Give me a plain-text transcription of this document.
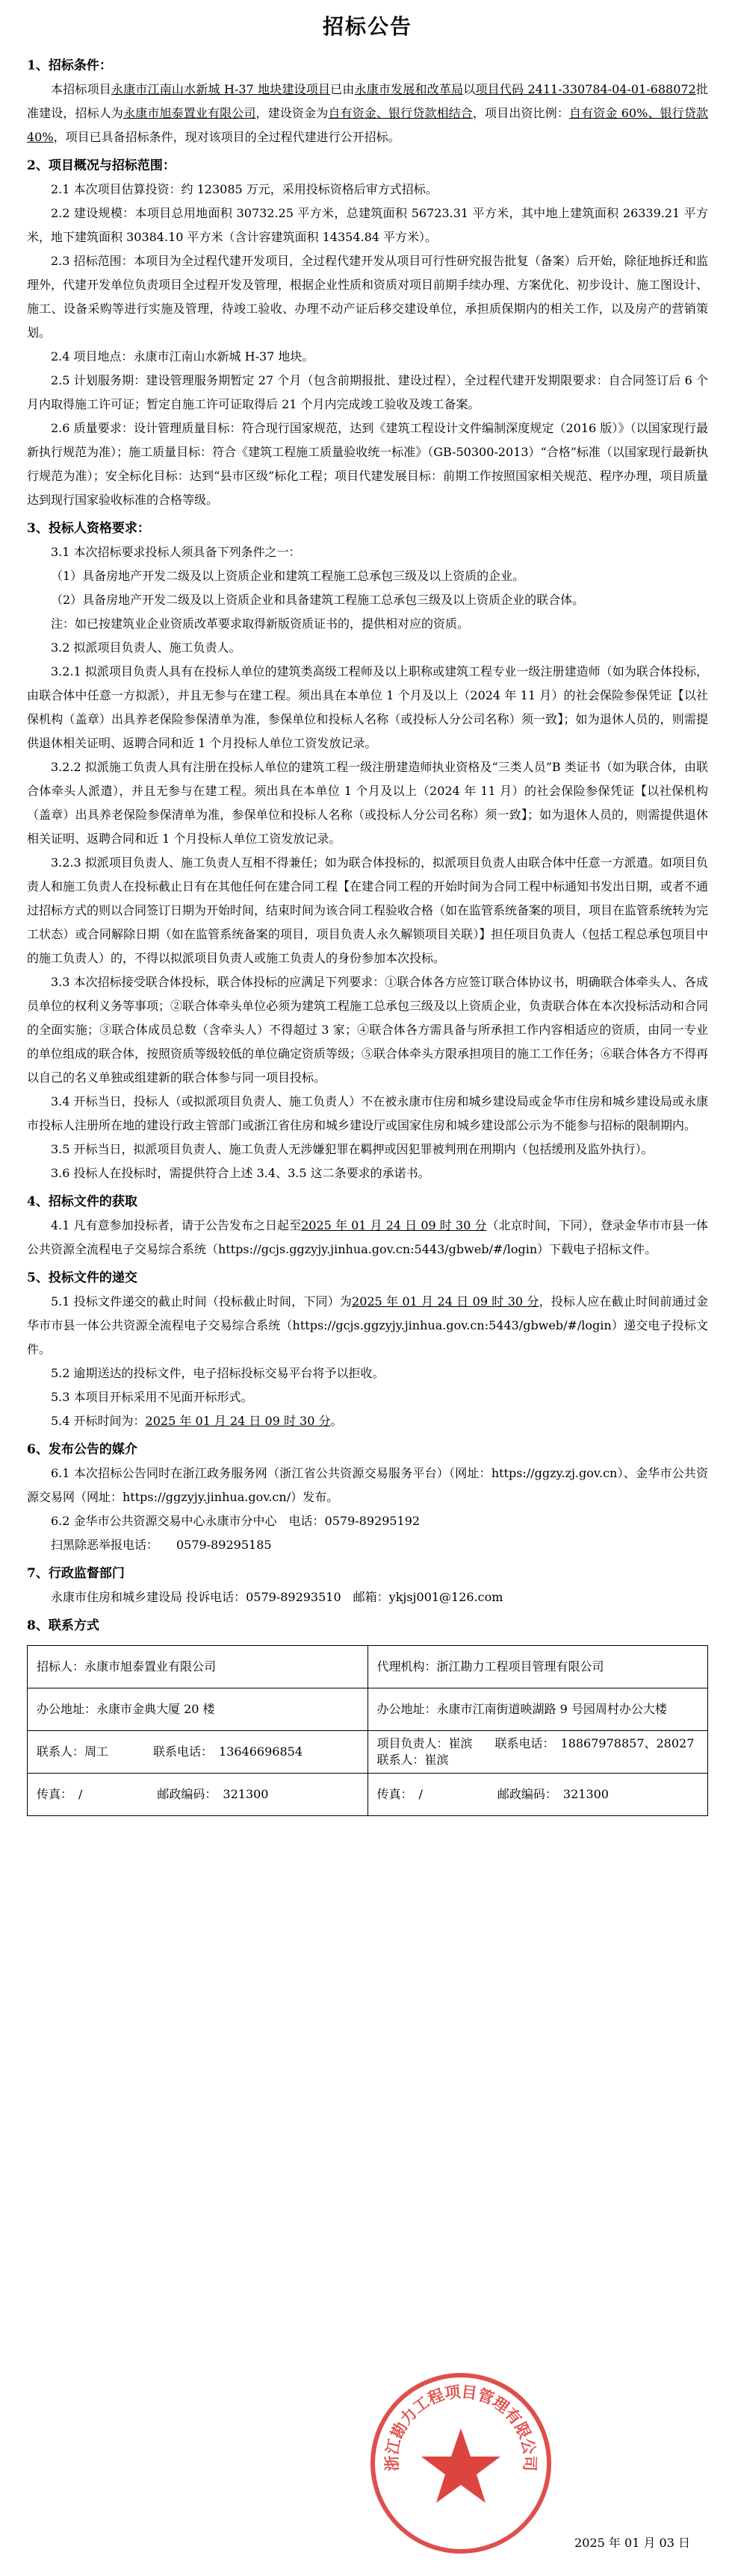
招标公告
1、招标条件：

本招标项目永康市江南山水新城 H-37 地块建设项目已由永康市发展和改革局以项目代码 2411-330784-04-01-688072批准建设，招标人为永康市旭泰置业有限公司，建设资金为自有资金、银行贷款相结合，项目出资比例：自有资金 60%、银行贷款 40%，项目已具备招标条件，现对该项目的全过程代建进行公开招标。

2、项目概况与招标范围：

2.1 本次项目估算投资：约 123085 万元，采用投标资格后审方式招标。

2.2 建设规模：本项目总用地面积 30732.25 平方米，总建筑面积 56723.31 平方米，其中地上建筑面积 26339.21 平方米，地下建筑面积 30384.10 平方米（含计容建筑面积 14354.84 平方米）。

2.3 招标范围：本项目为全过程代建开发项目，全过程代建开发从项目可行性研究报告批复（备案）后开始，除征地拆迁和监理外，代建开发单位负责项目全过程开发及管理，根据企业性质和资质对项目前期手续办理、方案优化、初步设计、施工图设计、施工、设备采购等进行实施及管理，待竣工验收、办理不动产证后移交建设单位，承担质保期内的相关工作，以及房产的营销策划。

2.4 项目地点：永康市江南山水新城 H-37 地块。

2.5 计划服务期：建设管理服务期暂定 27 个月（包含前期报批、建设过程），全过程代建开发期限要求：自合同签订后 6 个月内取得施工许可证；暂定自施工许可证取得后 21 个月内完成竣工验收及竣工备案。

2.6 质量要求：设计管理质量目标：符合现行国家规范，达到《建筑工程设计文件编制深度规定（2016 版）》（以国家现行最新执行规范为准）；施工质量目标：符合《建筑工程施工质量验收统一标准》（GB-50300-2013）“合格”标准（以国家现行最新执行规范为准）；安全标化目标：达到“县市区级”标化工程；项目代建发展目标：前期工作按照国家相关规范、程序办理，项目质量达到现行国家验收标准的合格等级。

3、投标人资格要求：

3.1 本次招标要求投标人须具备下列条件之一：

（1）具备房地产开发二级及以上资质企业和建筑工程施工总承包三级及以上资质的企业。

（2）具备房地产开发二级及以上资质企业和具备建筑工程施工总承包三级及以上资质企业的联合体。

注：如已按建筑业企业资质改革要求取得新版资质证书的，提供相对应的资质。

3.2 拟派项目负责人、施工负责人。

3.2.1 拟派项目负责人具有在投标人单位的建筑类高级工程师及以上职称或建筑工程专业一级注册建造师（如为联合体投标，由联合体中任意一方拟派），并且无参与在建工程。须出具在本单位 1 个月及以上（2024 年 11 月）的社会保险参保凭证【以社保机构（盖章）出具养老保险参保清单为准，参保单位和投标人名称（或投标人分公司名称）须一致】；如为退休人员的，则需提供退休相关证明、返聘合同和近 1 个月投标人单位工资发放记录。

3.2.2 拟派施工负责人具有注册在投标人单位的建筑工程一级注册建造师执业资格及“三类人员”B 类证书（如为联合体，由联合体牵头人派遣），并且无参与在建工程。须出具在本单位 1 个月及以上（2024 年 11 月）的社会保险参保凭证【以社保机构（盖章）出具养老保险参保清单为准，参保单位和投标人名称（或投标人分公司名称）须一致】；如为退休人员的，则需提供退休相关证明、返聘合同和近 1 个月投标人单位工资发放记录。

3.2.3 拟派项目负责人、施工负责人互相不得兼任；如为联合体投标的，拟派项目负责人由联合体中任意一方派遣。如项目负责人和施工负责人在投标截止日有在其他任何在建合同工程【在建合同工程的开始时间为合同工程中标通知书发出日期，或者不通过招标方式的则以合同签订日期为开始时间，结束时间为该合同工程验收合格（如在监管系统备案的项目，项目在监管系统转为完工状态）或合同解除日期（如在监管系统备案的项目，项目负责人永久解锁项目关联）】担任项目负责人（包括工程总承包项目中的施工负责人）的，不得以拟派项目负责人或施工负责人的身份参加本次投标。

3.3 本次招标接受联合体投标，联合体投标的应满足下列要求：①联合体各方应签订联合体协议书，明确联合体牵头人、各成员单位的权利义务等事项；②联合体牵头单位必须为建筑工程施工总承包三级及以上资质企业，负责联合体在本次投标活动和合同的全面实施；③联合体成员总数（含牵头人）不得超过 3 家；④联合体各方需具备与所承担工作内容相适应的资质，由同一专业的单位组成的联合体，按照资质等级较低的单位确定资质等级；⑤联合体牵头方限承担项目的施工工作任务；⑥联合体各方不得再以自己的名义单独或组建新的联合体参与同一项目投标。

3.4 开标当日，投标人（或拟派项目负责人、施工负责人）不在被永康市住房和城乡建设局或金华市住房和城乡建设局或永康市投标人注册所在地的建设行政主管部门或浙江省住房和城乡建设厅或国家住房和城乡建设部公示为不能参与招标的限制期内。

3.5 开标当日，拟派项目负责人、施工负责人无涉嫌犯罪在羁押或因犯罪被判刑在刑期内（包括缓刑及监外执行）。

3.6 投标人在投标时，需提供符合上述 3.4、3.5 这二条要求的承诺书。

4、招标文件的获取

4.1 凡有意参加投标者，请于公告发布之日起至2025 年 01 月 24 日 09 时 30 分（北京时间，下同），登录金华市市县一体公共资源全流程电子交易综合系统（https://gcjs.ggzyjy.jinhua.gov.cn:5443/gbweb/#/login）下载电子招标文件。

5、投标文件的递交

5.1 投标文件递交的截止时间（投标截止时间，下同）为2025 年 01 月 24 日 09 时 30 分，投标人应在截止时间前通过金华市市县一体公共资源全流程电子交易综合系统（https://gcjs.ggzyjy.jinhua.gov.cn:5443/gbweb/#/login）递交电子投标文件。

5.2 逾期送达的投标文件，电子招标投标交易平台将予以拒收。

5.3 本项目开标采用不见面开标形式。

5.4 开标时间为：2025 年 01 月 24 日 09 时 30 分。

6、发布公告的媒介

6.1 本次招标公告同时在浙江政务服务网（浙江省公共资源交易服务平台）（网址：https://ggzy.zj.gov.cn）、金华市公共资源交易网（网址：https://ggzyjy.jinhua.gov.cn/）发布。

6.2 金华市公共资源交易中心永康市分中心　电话：0579-89295192

扫黑除恶举报电话：　　0579-89295185

7、行政监督部门

永康市住房和城乡建设局 投诉电话：0579-89293510　邮箱：ykjsj001@126.com

8、联系方式
招标人：永康市旭泰置业有限公司	代理机构：浙江勘力工程项目管理有限公司
办公地址：永康市金典大厦 20 楼	办公地址：永康市江南街道映湖路 9 号园周村办公大楼
联系人：周工 联系电话：　13646696854	项目负责人：崔滨 联系电话：　18867978857、28027
联系人：崔滨
传真：　/ 邮政编码：　321300	传真：　/ 邮政编码：　321300
浙江勘力工程项目管理有限公司
2025 年 01 月 03 日
